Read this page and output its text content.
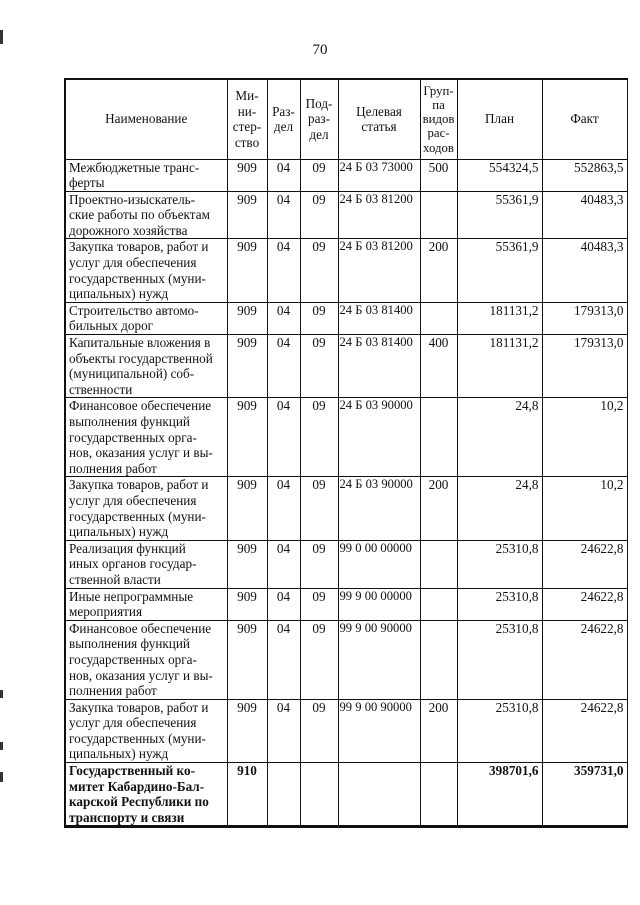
70
Наименование	Ми-
ни-
стер-
ство	Раз-
дел	Под-
раз-
дел	Целевая
статья	Груп-
па
видов
рас-
ходов	План	Факт
Межбюджетные транс-
ферты	909	04	09	24 Б 03 73000	500	554324,5	552863,5
Проектно-изыскатель-
ские работы по объектам
дорожного хозяйства	909	04	09	24 Б 03 81200		55361,9	40483,3
Закупка товаров, работ и
услуг для обеспечения
государственных (муни-
ципальных) нужд	909	04	09	24 Б 03 81200	200	55361,9	40483,3
Строительство автомо-
бильных дорог	909	04	09	24 Б 03 81400		181131,2	179313,0
Капитальные вложения в
объекты государственной
(муниципальной) соб-
ственности	909	04	09	24 Б 03 81400	400	181131,2	179313,0
Финансовое обеспечение
выполнения функций
государственных орга-
нов, оказания услуг и вы-
полнения работ	909	04	09	24 Б 03 90000		24,8	10,2
Закупка товаров, работ и
услуг для обеспечения
государственных (муни-
ципальных) нужд	909	04	09	24 Б 03 90000	200	24,8	10,2
Реализация функций
иных органов государ-
ственной власти	909	04	09	99 0 00 00000		25310,8	24622,8
Иные непрограммные
мероприятия	909	04	09	99 9 00 00000		25310,8	24622,8
Финансовое обеспечение
выполнения функций
государственных орга-
нов, оказания услуг и вы-
полнения работ	909	04	09	99 9 00 90000		25310,8	24622,8
Закупка товаров, работ и
услуг для обеспечения
государственных (муни-
ципальных) нужд	909	04	09	99 9 00 90000	200	25310,8	24622,8
Государственный ко-
митет Кабардино-Бал-
карской Республики по
транспорту и связи	910					398701,6	359731,0
